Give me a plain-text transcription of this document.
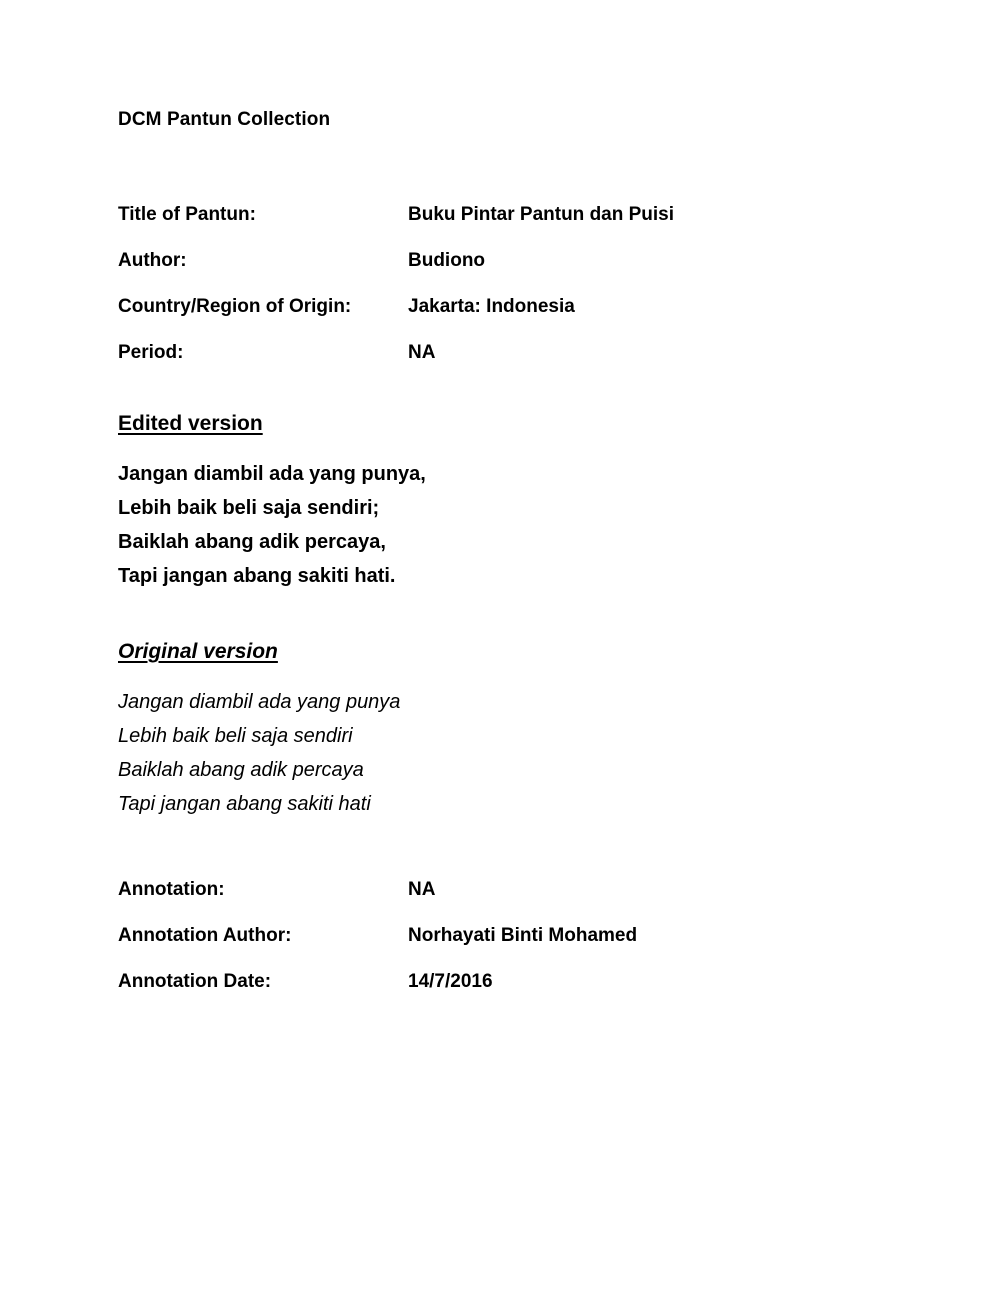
DCM Pantun Collection
Title of Pantun:	Buku Pintar Pantun dan Puisi
Author:	Budiono
Country/Region of Origin:	Jakarta: Indonesia
Period:	NA
Edited version
Jangan diambil ada yang punya,
Lebih baik beli saja sendiri;
Baiklah abang adik percaya,
Tapi jangan abang sakiti hati.
Original version
Jangan diambil ada yang punya
Lebih baik beli saja sendiri
Baiklah abang adik percaya
Tapi jangan abang sakiti hati
Annotation:	NA
Annotation Author:	Norhayati Binti Mohamed
Annotation Date:	14/7/2016
